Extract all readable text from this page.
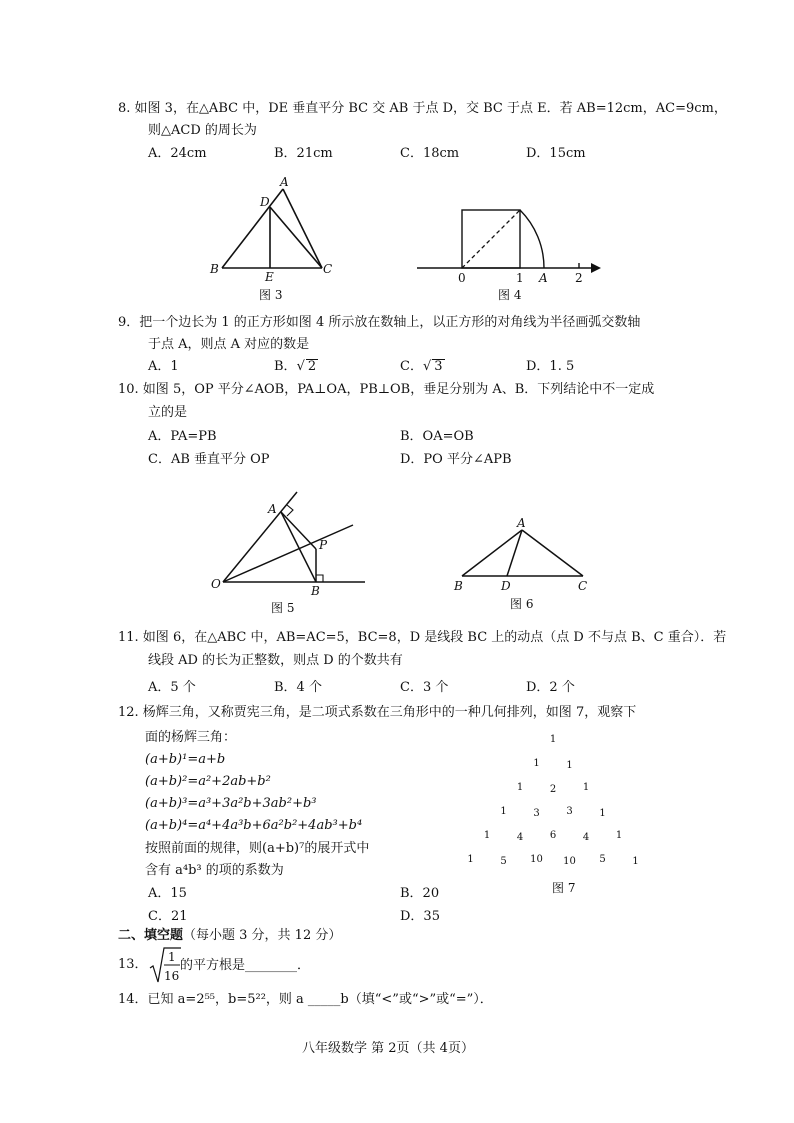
8. 如图 3，在△ABC 中，DE 垂直平分 BC 交 AB 于点 D，交 BC 于点 E．若 AB=12cm，AC=9cm，
则△ACD 的周长为
A．24cm	B．21cm	C．18cm	D．15cm
A
D
B
E
C
图 3
0	1 A 2
图 4
9．把一个边长为 1 的正方形如图 4 所示放在数轴上，以正方形的对角线为半径画弧交数轴
于点 A，则点 A 对应的数是
A．1	B．√ 2	C．√ 3	D．1. 5
10. 如图 5，OP 平分∠AOB，PA⊥OA，PB⊥OB，垂足分别为 A、B．下列结论中不一定成
立的是
A．PA=PB	B．OA=OB
C．AB 垂直平分 OP	D．PO 平分∠APB
A
P
O	B
图 5
A
B	D	C
图 6
11. 如图 6，在△ABC 中，AB=AC=5，BC=8，D 是线段 BC 上的动点（点 D 不与点 B、C 重合）．若
线段 AD 的长为正整数，则点 D 的个数共有
A．5 个	B．4 个	C．3 个	D．2 个
12. 杨辉三角，又称贾宪三角，是二项式系数在三角形中的一种几何排列，如图 7，观察下
面的杨辉三角：
(a+b)¹=a+b
(a+b)²=a²+2ab+b²
(a+b)³=a³+3a²b+3ab²+b³
(a+b)⁴=a⁴+4a³b+6a²b²+4ab³+b⁴
按照前面的规律，则(a+b)⁷的展开式中
含有 a⁴b³ 的项的系数为
A．15	B．20
C．21	D．35
1
1	1
1	2	1
1	3	3	1
1	4	6	4	1
1	5 10 10 5	1
图 7
二、填空题（每小题 3 分，共 12 分）
13． 1
16
的平方根是________．
14．已知 a=2⁵⁵，b=5²²，则 a _____b（填“<”或“>”或“=”）．
八年级数学 第 2页（共 4页）
